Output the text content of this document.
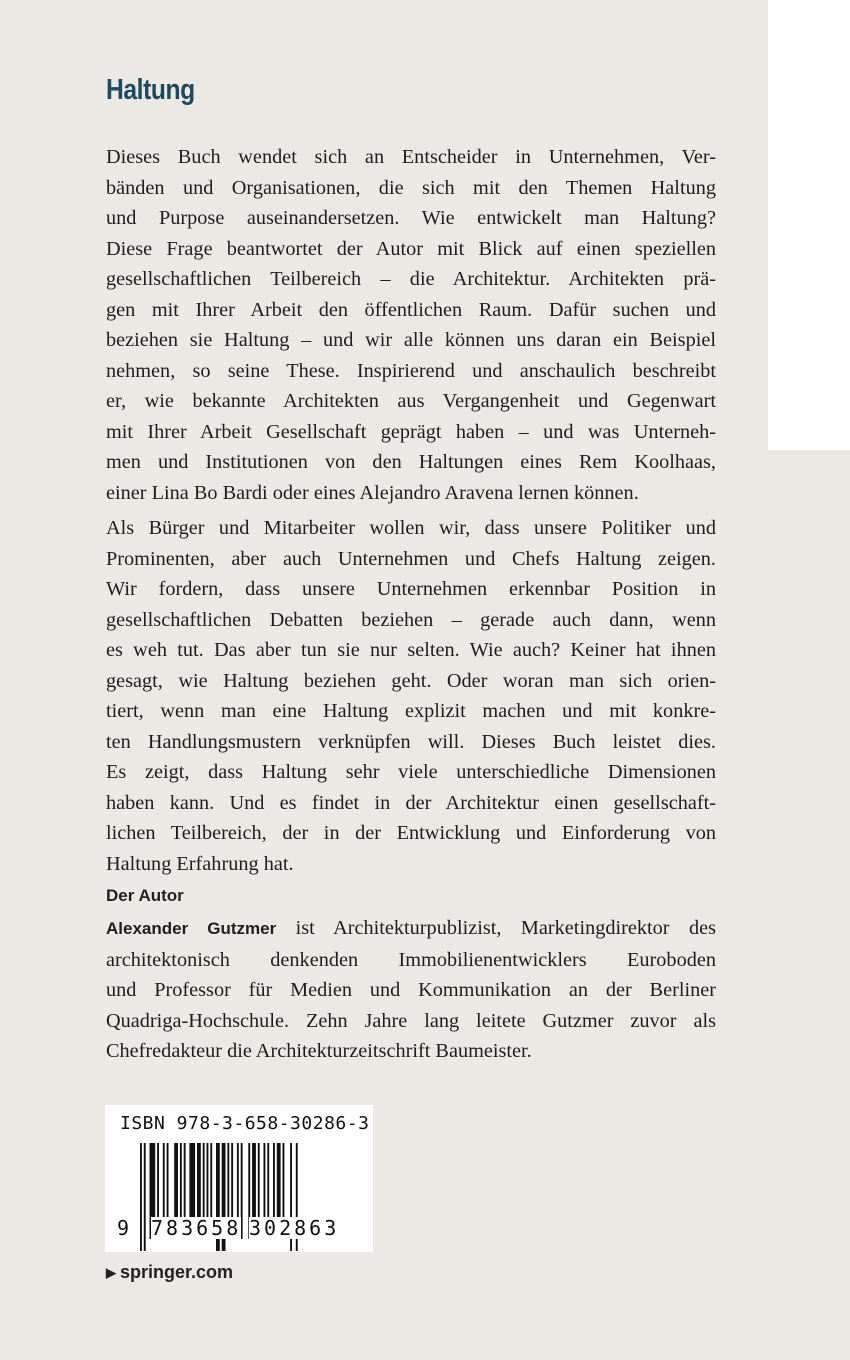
Haltung
Dieses Buch wendet sich an Entscheider in Unternehmen, Ver-
bänden und Organisationen, die sich mit den Themen Haltung
und Purpose auseinandersetzen. Wie entwickelt man Haltung?
Diese Frage beantwortet der Autor mit Blick auf einen speziellen
gesellschaftlichen Teilbereich – die Architektur. Architekten prä-
gen mit Ihrer Arbeit den öffentlichen Raum. Dafür suchen und
beziehen sie Haltung – und wir alle können uns daran ein Beispiel
nehmen, so seine These. Inspirierend und anschaulich beschreibt
er, wie bekannte Architekten aus Vergangenheit und Gegenwart
mit Ihrer Arbeit Gesellschaft geprägt haben – und was Unterneh-
men und Institutionen von den Haltungen eines Rem Koolhaas,
einer Lina Bo Bardi oder eines Alejandro Aravena lernen können.
Als Bürger und Mitarbeiter wollen wir, dass unsere Politiker und
Prominenten, aber auch Unternehmen und Chefs Haltung zeigen.
Wir fordern, dass unsere Unternehmen erkennbar Position in
gesellschaftlichen Debatten beziehen – gerade auch dann, wenn
es weh tut. Das aber tun sie nur selten. Wie auch? Keiner hat ihnen
gesagt, wie Haltung beziehen geht. Oder woran man sich orien-
tiert, wenn man eine Haltung explizit machen und mit konkre-
ten Handlungsmustern verknüpfen will. Dieses Buch leistet dies.
Es zeigt, dass Haltung sehr viele unterschiedliche Dimensionen
haben kann. Und es findet in der Architektur einen gesellschaft-
lichen Teilbereich, der in der Entwicklung und Einforderung von
Haltung Erfahrung hat.
Der Autor
Alexander Gutzmer ist Architekturpublizist, Marketingdirektor des
architektonisch denkenden Immobilienentwicklers Euroboden
und Professor für Medien und Kommunikation an der Berliner
Quadriga-Hochschule. Zehn Jahre lang leitete Gutzmer zuvor als
Chefredakteur die Architekturzeitschrift Baumeister.
ISBN 978-3-658-30286-3
9 783658 302863
▶ springer.com
